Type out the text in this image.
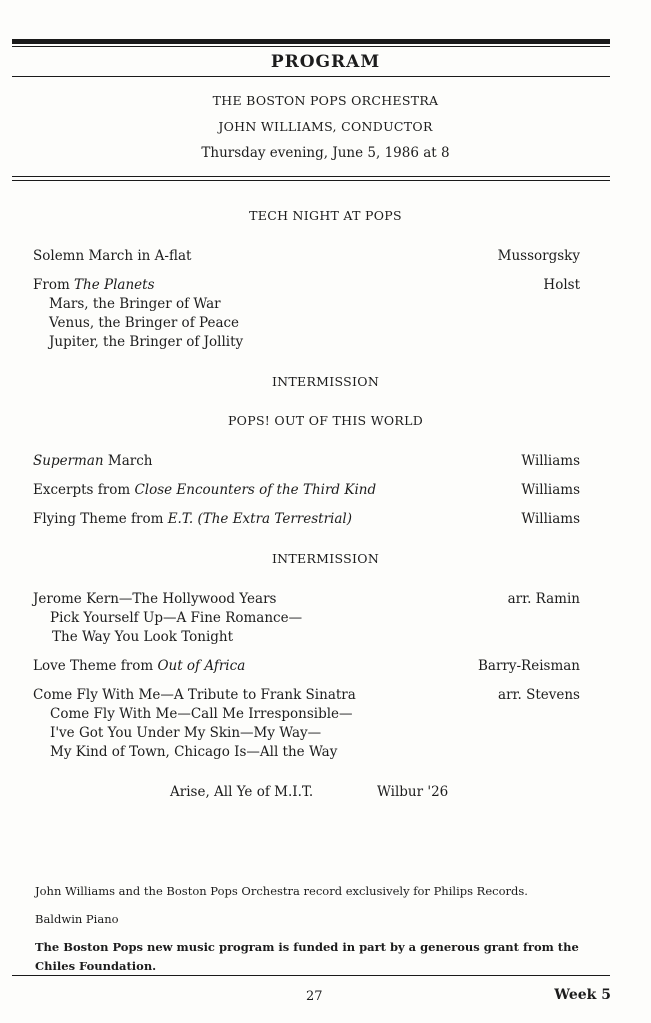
PROGRAM
THE BOSTON POPS ORCHESTRA
JOHN WILLIAMS, CONDUCTOR
Thursday evening, June 5, 1986 at 8
TECH NIGHT AT POPS
Solemn March in A-flat	Mussorgsky
From The Planets	Holst
Mars, the Bringer of War
Venus, the Bringer of Peace
Jupiter, the Bringer of Jollity
INTERMISSION
POPS! OUT OF THIS WORLD
Superman March	Williams
Excerpts from Close Encounters of the Third Kind	Williams
Flying Theme from E.T. (The Extra Terrestrial)	Williams
INTERMISSION
Jerome Kern—The Hollywood Years	arr. Ramin
Pick Yourself Up—A Fine Romance—
The Way You Look Tonight
Love Theme from Out of Africa	Barry-Reisman
Come Fly With Me—A Tribute to Frank Sinatra	arr. Stevens
Come Fly With Me—Call Me Irresponsible—
I've Got You Under My Skin—My Way—
My Kind of Town, Chicago Is—All the Way
Arise, All Ye of M.I.T.	Wilbur '26
John Williams and the Boston Pops Orchestra record exclusively for Philips Records.
Baldwin Piano
The Boston Pops new music program is funded in part by a generous grant from the Chiles Foundation.
27	Week 5
